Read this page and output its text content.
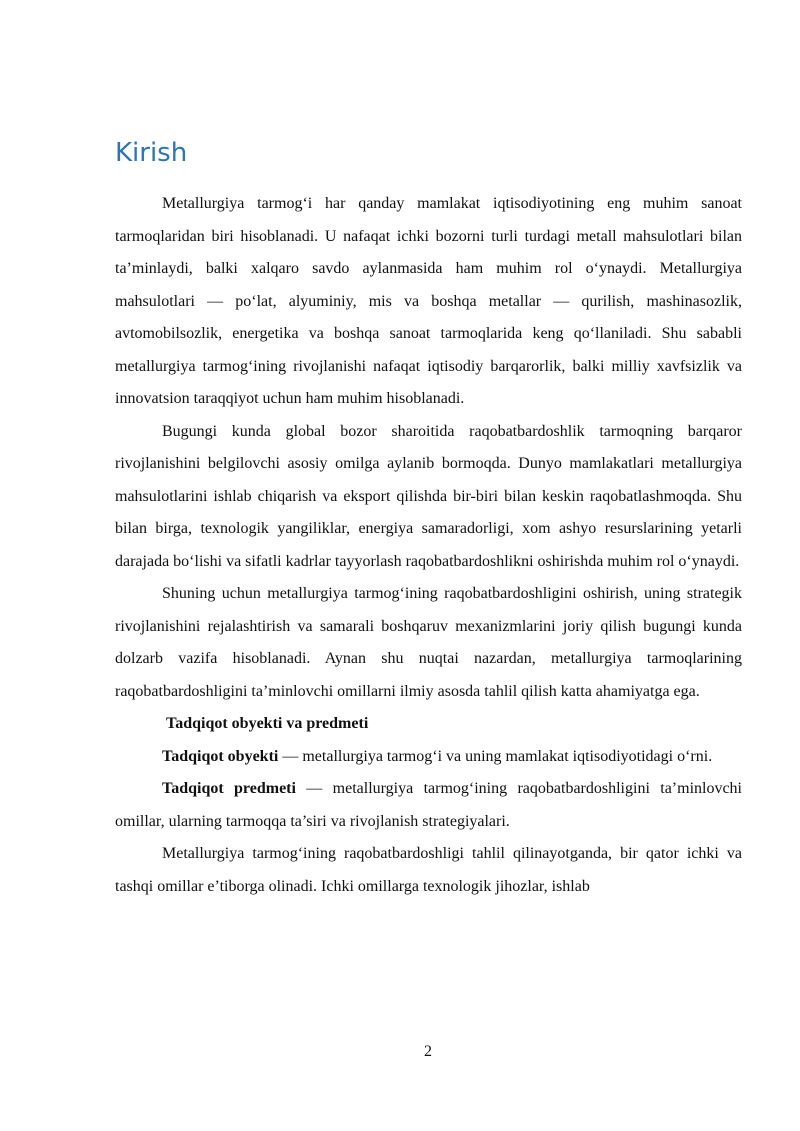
Kirish

Metallurgiya tarmog‘i har qanday mamlakat iqtisodiyotining eng muhim sanoat tarmoqlaridan biri hisoblanadi. U nafaqat ichki bozorni turli turdagi metall mahsulotlari bilan ta’minlaydi, balki xalqaro savdo aylanmasida ham muhim rol o‘ynaydi. Metallurgiya mahsulotlari — po‘lat, alyuminiy, mis va boshqa metallar — qurilish, mashinasozlik, avtomobilsozlik, energetika va boshqa sanoat tarmoqlarida keng qo‘llaniladi. Shu sababli metallurgiya tarmog‘ining rivojlanishi nafaqat iqtisodiy barqarorlik, balki milliy xavfsizlik va innovatsion taraqqiyot uchun ham muhim hisoblanadi.

Bugungi kunda global bozor sharoitida raqobatbardoshlik tarmoqning barqaror rivojlanishini belgilovchi asosiy omilga aylanib bormoqda. Dunyo mamlakatlari metallurgiya mahsulotlarini ishlab chiqarish va eksport qilishda bir-biri bilan keskin raqobatlashmoqda. Shu bilan birga, texnologik yangiliklar, energiya samaradorligi, xom ashyo resurslarining yetarli darajada bo‘lishi va sifatli kadrlar tayyorlash raqobatbardoshlikni oshirishda muhim rol o‘ynaydi.

Shuning uchun metallurgiya tarmog‘ining raqobatbardoshligini oshirish, uning strategik rivojlanishini rejalashtirish va samarali boshqaruv mexanizmlarini joriy qilish bugungi kunda dolzarb vazifa hisoblanadi. Aynan shu nuqtai nazardan, metallurgiya tarmoqlarining raqobatbardoshligini ta’minlovchi omillarni ilmiy asosda tahlil qilish katta ahamiyatga ega.

Tadqiqot obyekti va predmeti

Tadqiqot obyekti — metallurgiya tarmog‘i va uning mamlakat iqtisodiyotidagi o‘rni.

Tadqiqot predmeti — metallurgiya tarmog‘ining raqobatbardoshligini ta’minlovchi omillar, ularning tarmoqqa ta’siri va rivojlanish strategiyalari.

Metallurgiya tarmog‘ining raqobatbardoshligi tahlil qilinayotganda, bir qator ichki va tashqi omillar e’tiborga olinadi. Ichki omillarga texnologik jihozlar, ishlab

2
